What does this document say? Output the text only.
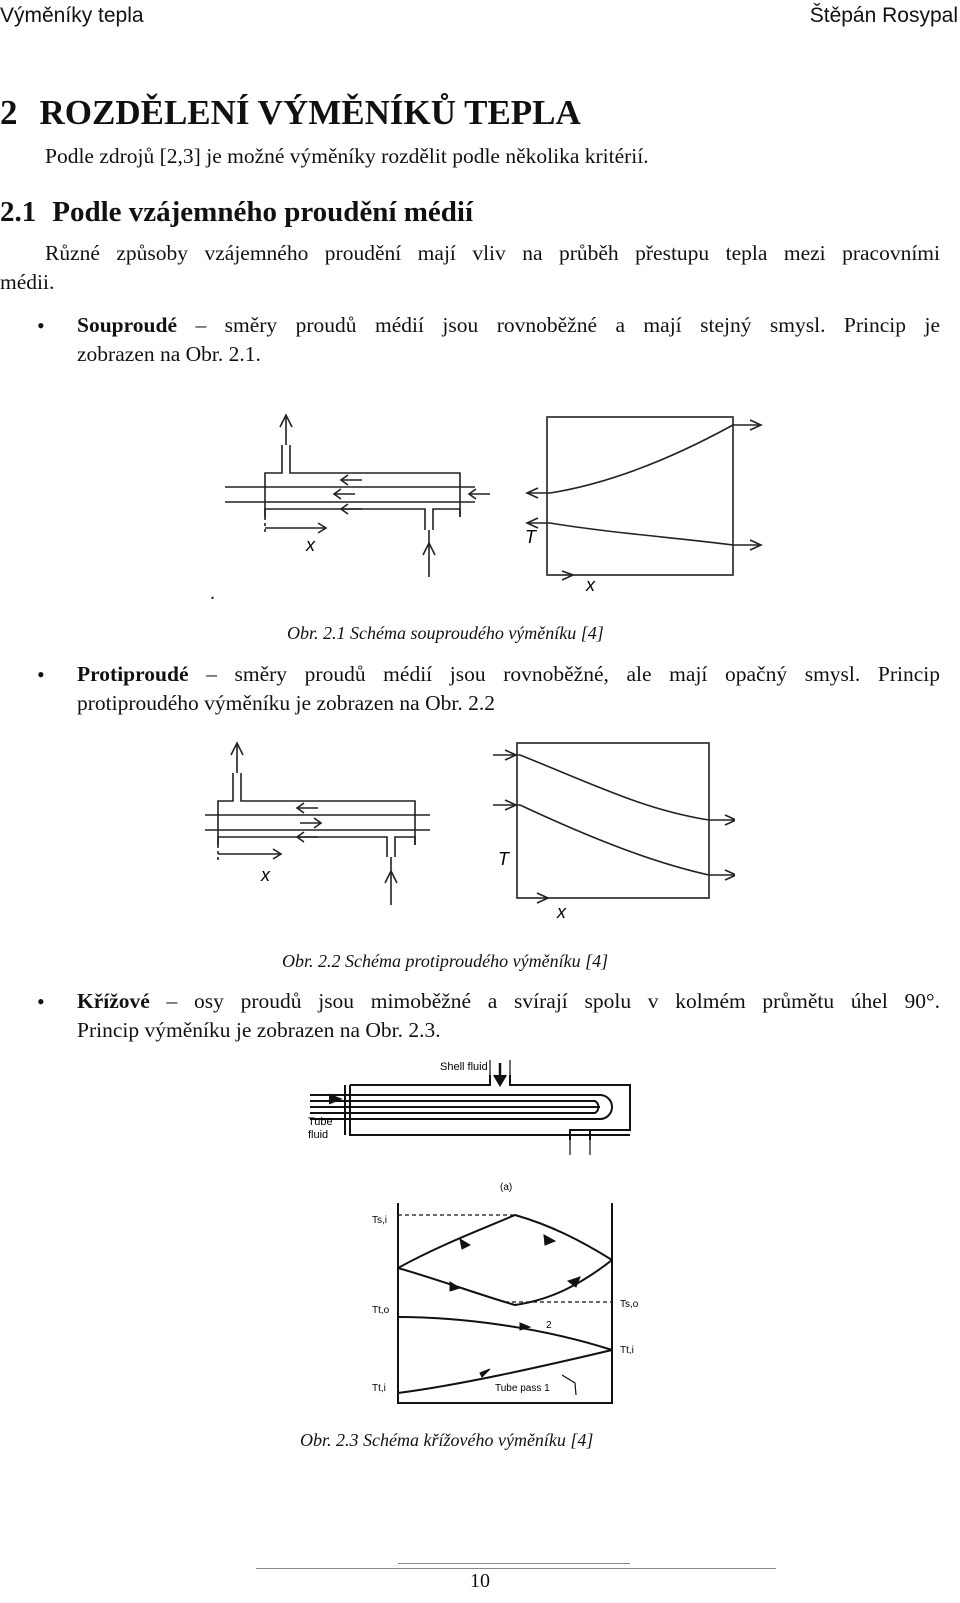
Výměníky tepla	Štěpán Rosypal
2 ROZDĚLENÍ VÝMĚNÍKŮ TEPLA
Podle zdrojů [2,3] je možné výměníky rozdělit podle několika kritérií.
2.1 Podle vzájemného proudění médií
Různé způsoby vzájemného proudění mají vliv na průběh přestupu tepla mezi pracovními
médii.
• Souproudé – směry proudů médií jsou rovnoběžné a mají stejný smysl. Princip je
zobrazen na Obr. 2.1.
x	T
x
.
Obr. 2.1 Schéma souproudého výměníku [4]
• Protiproudé – směry proudů médií jsou rovnoběžné, ale mají opačný smysl. Princip
protiproudého výměníku je zobrazen na Obr. 2.2
x
T
x
Obr. 2.2 Schéma protiproudého výměníku [4]
• Křížové – osy proudů jsou mimoběžné a svírají spolu v kolmém průmětu úhel 90°.
Princip výměníku je zobrazen na Obr. 2.3.
Shell fluid
Tube
fluid
(a)
Ts,i
Tt,o
Tt,i
Ts,o
Tt,i
2
Tube pass 1
Obr. 2.3 Schéma křížového výměníku [4]
10
